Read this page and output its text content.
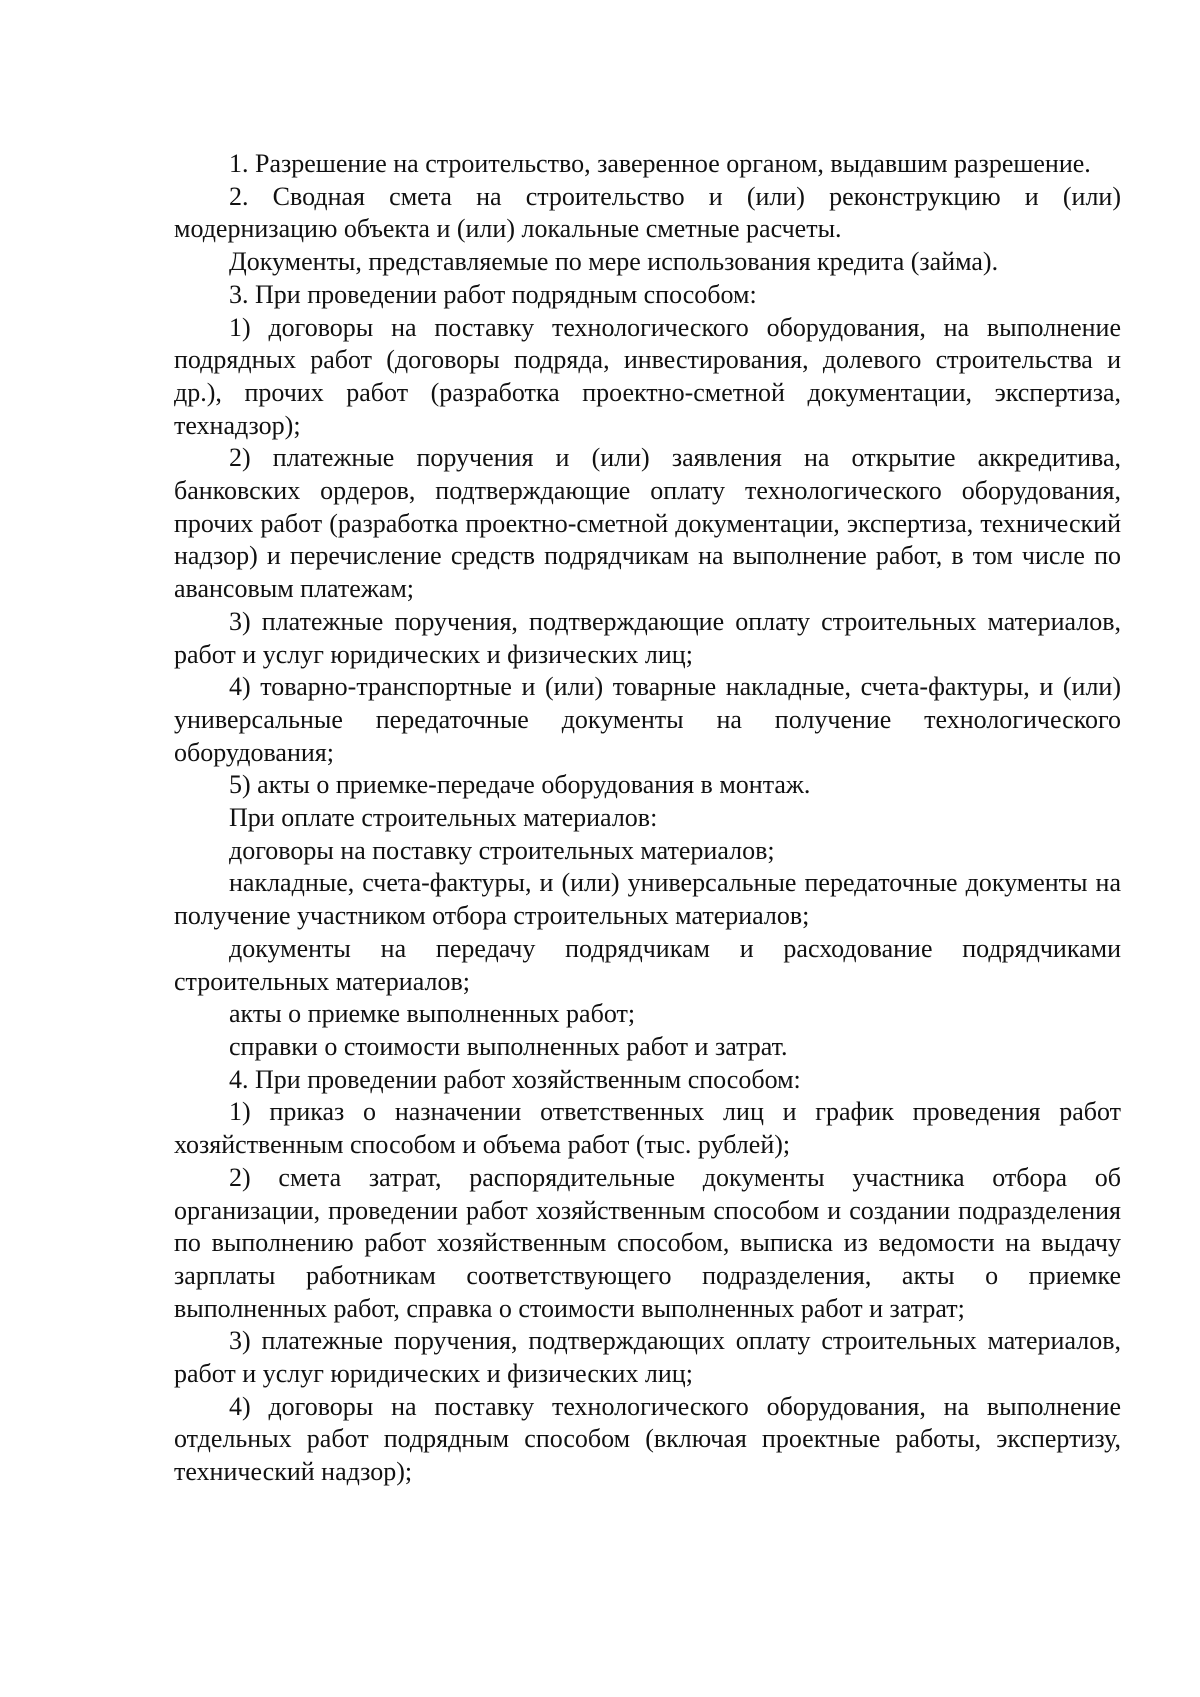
1. Разрешение на строительство, заверенное органом, выдавшим разрешение.

2. Сводная смета на строительство и (или) реконструкцию и (или) модернизацию объекта и (или) локальные сметные расчеты.

Документы, представляемые по мере использования кредита (займа).

3. При проведении работ подрядным способом:

1) договоры на поставку технологического оборудования, на выполнение подрядных работ (договоры подряда, инвестирования, долевого строительства и др.), прочих работ (разработка проектно-сметной документации, экспертиза, технадзор);

2) платежные поручения и (или) заявления на открытие аккредитива, банковских ордеров, подтверждающие оплату технологического оборудования, прочих работ (разработка проектно-сметной документации, экспертиза, технический надзор) и перечисление средств подрядчикам на выполнение работ, в том числе по авансовым платежам;

3) платежные поручения, подтверждающие оплату строительных материалов, работ и услуг юридических и физических лиц;

4) товарно-транспортные и (или) товарные накладные, счета-фактуры, и (или) универсальные передаточные документы на получение технологического оборудования;

5) акты о приемке-передаче оборудования в монтаж.

При оплате строительных материалов:

договоры на поставку строительных материалов;

накладные, счета-фактуры, и (или) универсальные передаточные документы на получение участником отбора строительных материалов;

документы на передачу подрядчикам и расходование подрядчиками строительных материалов;

акты о приемке выполненных работ;

справки о стоимости выполненных работ и затрат.

4. При проведении работ хозяйственным способом:

1) приказ о назначении ответственных лиц и график проведения работ хозяйственным способом и объема работ (тыс. рублей);

2) смета затрат, распорядительные документы участника отбора об организации, проведении работ хозяйственным способом и создании подразделения по выполнению работ хозяйственным способом, выписка из ведомости на выдачу зарплаты работникам соответствующего подразделения, акты о приемке выполненных работ, справка о стоимости выполненных работ и затрат;

3) платежные поручения, подтверждающих оплату строительных материалов, работ и услуг юридических и физических лиц;

4) договоры на поставку технологического оборудования, на выполнение отдельных работ подрядным способом (включая проектные работы, экспертизу, технический надзор);
